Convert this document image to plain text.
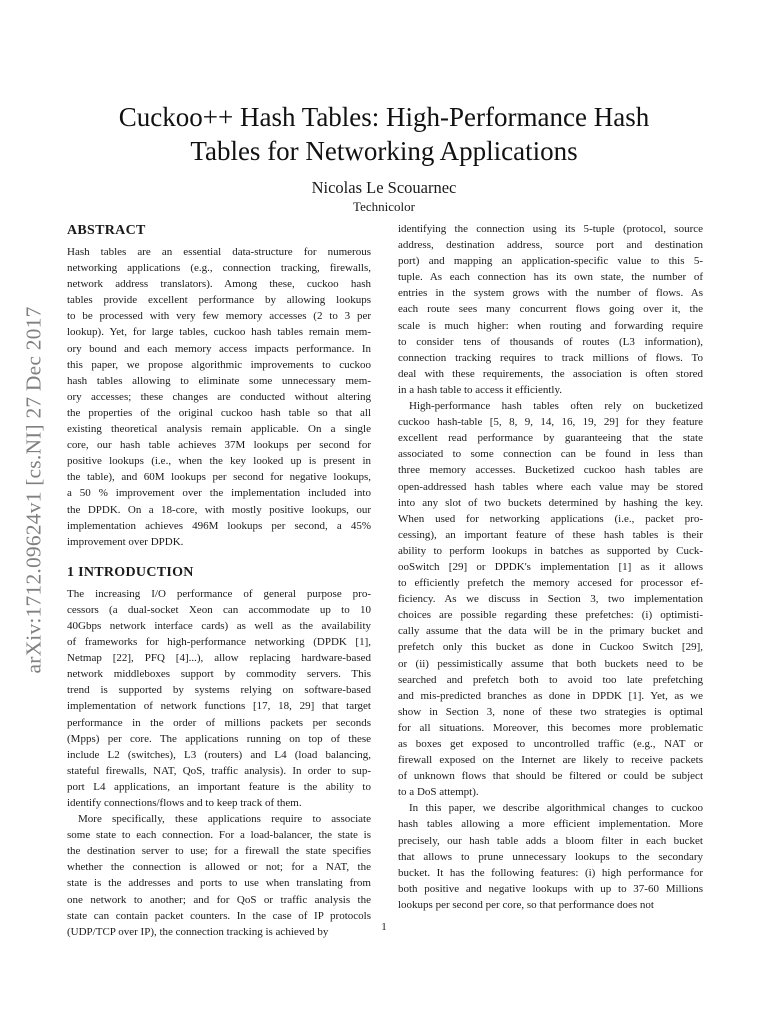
arXiv:1712.09624v1 [cs.NI] 27 Dec 2017
Cuckoo++ Hash Tables: High-Performance Hash
Tables for Networking Applications
Nicolas Le Scouarnec
Technicolor
ABSTRACT
Hash tables are an essential data-structure for numerous
networking applications (e.g., connection tracking, firewalls,
network address translators). Among these, cuckoo hash
tables provide excellent performance by allowing lookups
to be processed with very few memory accesses (2 to 3 per
lookup). Yet, for large tables, cuckoo hash tables remain mem-
ory bound and each memory access impacts performance. In
this paper, we propose algorithmic improvements to cuckoo
hash tables allowing to eliminate some unnecessary mem-
ory accesses; these changes are conducted without altering
the properties of the original cuckoo hash table so that all
existing theoretical analysis remain applicable. On a single
core, our hash table achieves 37M lookups per second for
positive lookups (i.e., when the key looked up is present in
the table), and 60M lookups per second for negative lookups,
a 50 % improvement over the implementation included into
the DPDK. On a 18-core, with mostly positive lookups, our
implementation achieves 496M lookups per second, a 45%
improvement over DPDK.
1 INTRODUCTION
The increasing I/O performance of general purpose pro-
cessors (a dual-socket Xeon can accommodate up to 10
40Gbps network interface cards) as well as the availability
of frameworks for high-performance networking (DPDK [1],
Netmap [22], PFQ [4]...), allow replacing hardware-based
network middleboxes support by commodity servers. This
trend is supported by systems relying on software-based
implementation of network functions [17, 18, 29] that target
performance in the order of millions packets per seconds
(Mpps) per core. The applications running on top of these
include L2 (switches), L3 (routers) and L4 (load balancing,
stateful firewalls, NAT, QoS, traffic analysis). In order to sup-
port L4 applications, an important feature is the ability to
identify connections/flows and to keep track of them.
More specifically, these applications require to associate
some state to each connection. For a load-balancer, the state is
the destination server to use; for a firewall the state specifies
whether the connection is allowed or not; for a NAT, the
state is the addresses and ports to use when translating from
one network to another; and for QoS or traffic analysis the
state can contain packet counters. In the case of IP protocols
(UDP/TCP over IP), the connection tracking is achieved by
identifying the connection using its 5-tuple (protocol, source
address, destination address, source port and destination
port) and mapping an application-specific value to this 5-
tuple. As each connection has its own state, the number of
entries in the system grows with the number of flows. As
each route sees many concurrent flows going over it, the
scale is much higher: when routing and forwarding require
to consider tens of thousands of routes (L3 information),
connection tracking requires to track millions of flows. To
deal with these requirements, the association is often stored
in a hash table to access it efficiently.
High-performance hash tables often rely on bucketized
cuckoo hash-table [5, 8, 9, 14, 16, 19, 29] for they feature
excellent read performance by guaranteeing that the state
associated to some connection can be found in less than
three memory accesses. Bucketized cuckoo hash tables are
open-addressed hash tables where each value may be stored
into any slot of two buckets determined by hashing the key.
When used for networking applications (i.e., packet pro-
cessing), an important feature of these hash tables is their
ability to perform lookups in batches as supported by Cuck-
ooSwitch [29] or DPDK's implementation [1] as it allows
to efficiently prefetch the memory accesed for processor ef-
ficiency. As we discuss in Section 3, two implementation
choices are possible regarding these prefetches: (i) optimisti-
cally assume that the data will be in the primary bucket and
prefetch only this bucket as done in Cuckoo Switch [29],
or (ii) pessimistically assume that both buckets need to be
searched and prefetch both to avoid too late prefetching
and mis-predicted branches as done in DPDK [1]. Yet, as we
show in Section 3, none of these two strategies is optimal
for all situations. Moreover, this becomes more problematic
as boxes get exposed to uncontrolled traffic (e.g., NAT or
firewall exposed on the Internet are likely to receive packets
of unknown flows that should be filtered or could be subject
to a DoS attempt).
In this paper, we describe algorithmical changes to cuckoo
hash tables allowing a more efficient implementation. More
precisely, our hash table adds a bloom filter in each bucket
that allows to prune unnecessary lookups to the secondary
bucket. It has the following features: (i) high performance for
both positive and negative lookups with up to 37-60 Millions
lookups per second per core, so that performance does not
1
